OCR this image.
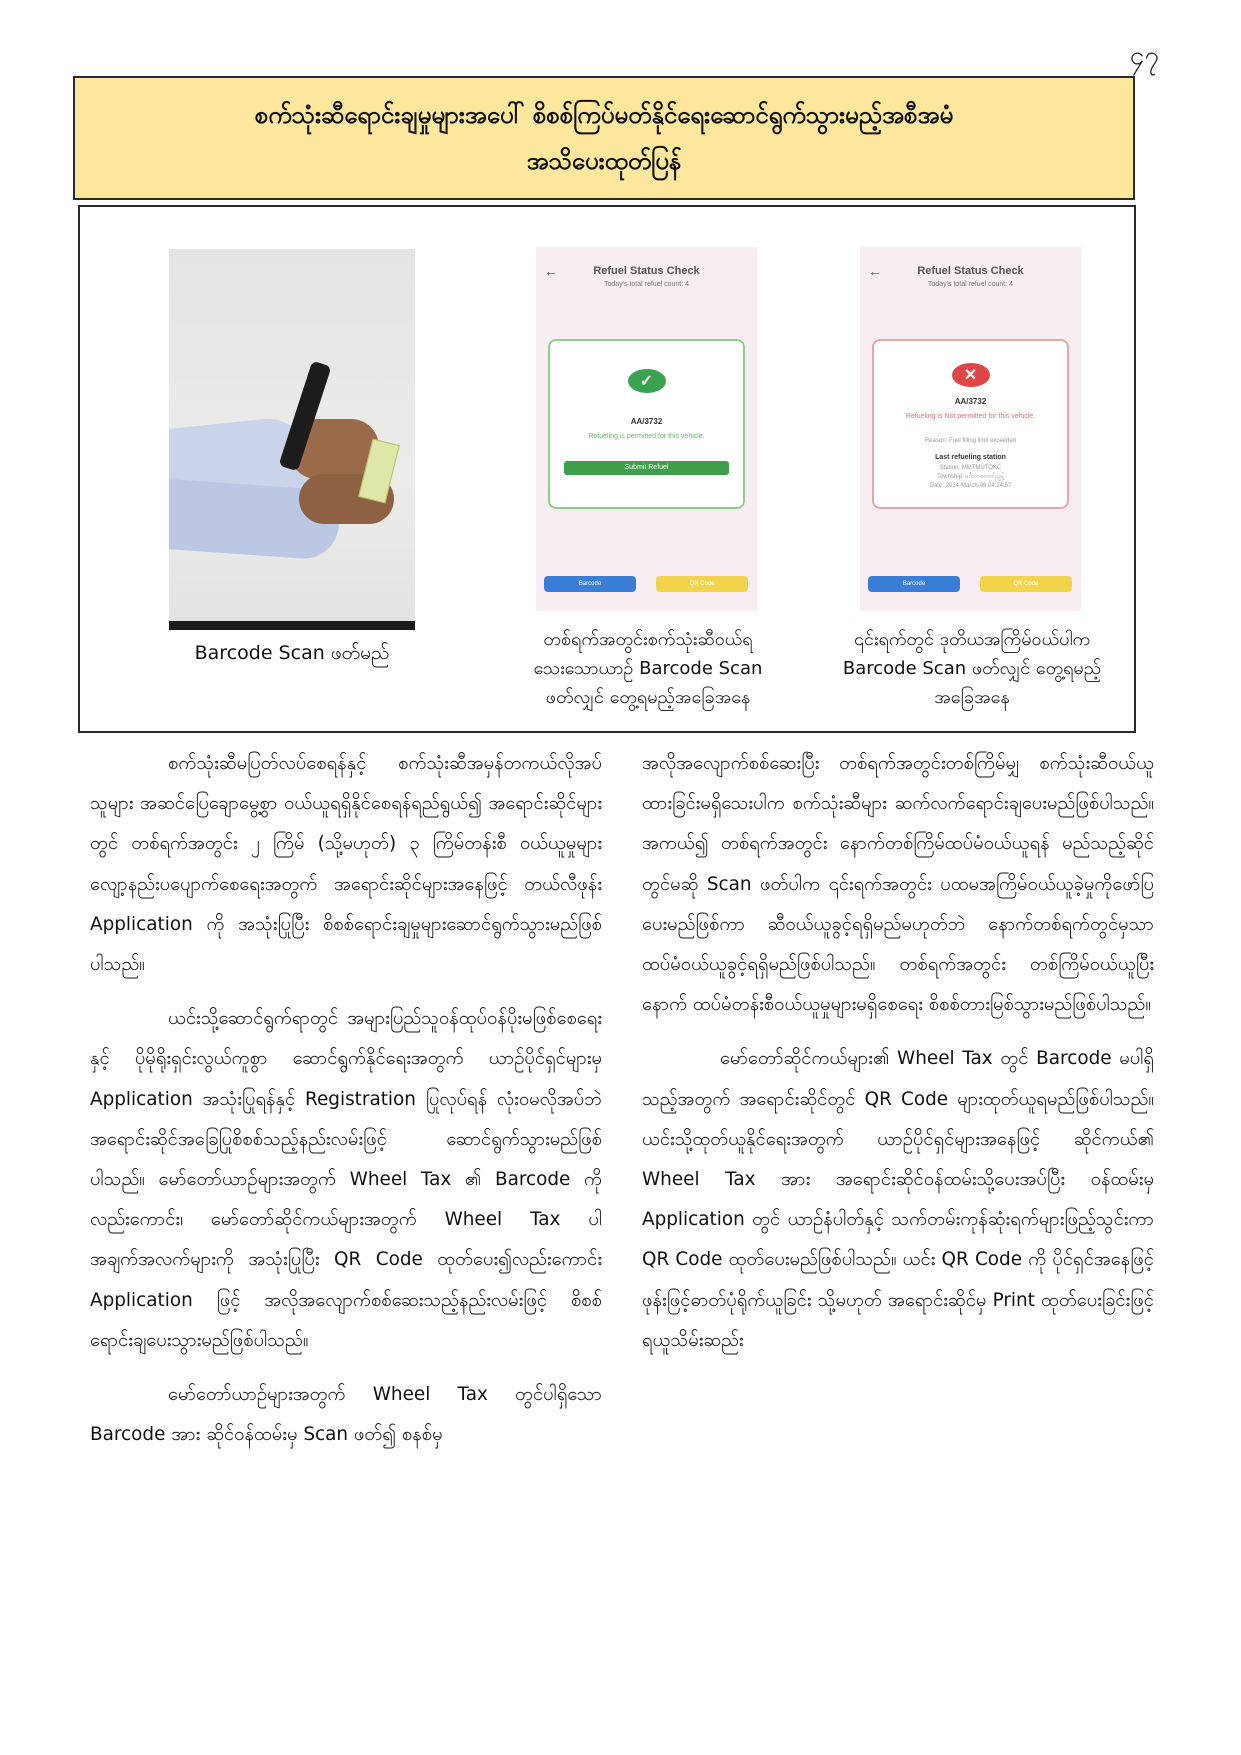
၄၇
စက်သုံးဆီရောင်းချမှုများအပေါ် စိစစ်ကြပ်မတ်နိုင်ရေးဆောင်ရွက်သွားမည့်အစီအမံ
အသိပေးထုတ်ပြန်
Barcode Scan ဖတ်မည်
←	Refuel Status Check
Today's total refuel count: 4
✓
AA/3732
Refueling is permitted for this vehicle.
Submit Refuel
Barcode	QR Code
တစ်ရက်အတွင်းစက်သုံးဆီဝယ်ရ
သေးသောယာဉ် Barcode Scan
ဖတ်လျှင် တွေ့ရမည့်အခြေအနေ
←	Refuel Status Check
Today's total refuel count: 4
✕
AA/3732
Refueling is Not permitted for this vehicle.
Reason: Fuel filling limit exceeded
Last refueling station
Station: MMTMUTOKC
Township: မင်္ဂလာတောင်ညွန့်
Date: 2024-March-08 04:24:57
Barcode	QR Code
၎င်းရက်တွင် ဒုတိယအကြိမ်ဝယ်ပါက
Barcode Scan ဖတ်လျှင် တွေ့ရမည့်
အခြေအနေ

စက်သုံးဆီမပြတ်လပ်စေရန်နှင့် စက်သုံးဆီအမှန်တကယ်လိုအပ်သူများ အဆင်ပြေချောမွေ့စွာ ဝယ်ယူရရှိနိုင်စေရန်ရည်ရွယ်၍ အရောင်းဆိုင်များတွင် တစ်ရက်အတွင်း ၂ ကြိမ် (သို့မဟုတ်) ၃ ကြိမ်တန်းစီ ဝယ်ယူမှုများလျော့နည်းပပျောက်စေရေးအတွက် အရောင်းဆိုင်များအနေဖြင့် တယ်လီဖုန်း Application ကို အသုံးပြုပြီး စိစစ်ရောင်းချမှုများဆောင်ရွက်သွားမည်ဖြစ်ပါသည်။

ယင်းသို့ဆောင်ရွက်ရာတွင် အများပြည်သူဝန်ထုပ်ဝန်ပိုးမဖြစ်စေရေးနှင့် ပိုမိုရိုးရှင်းလွယ်ကူစွာ ဆောင်ရွက်နိုင်ရေးအတွက် ယာဉ်ပိုင်ရှင်များမှ Application အသုံးပြုရန်နှင့် Registration ပြုလုပ်ရန် လုံးဝမလိုအပ်ဘဲ အရောင်းဆိုင်အခြေပြုစိစစ်သည့်နည်းလမ်းဖြင့် ဆောင်ရွက်သွားမည်ဖြစ်ပါသည်။ မော်တော်ယာဉ်များအတွက် Wheel Tax ၏ Barcode ကိုလည်းကောင်း၊ မော်တော်ဆိုင်ကယ်များအတွက် Wheel Tax ပါအချက်အလက်များကို အသုံးပြုပြီး QR Code ထုတ်ပေး၍လည်းကောင်း Application ဖြင့် အလိုအလျောက်စစ်ဆေးသည့်နည်းလမ်းဖြင့် စိစစ်ရောင်းချပေးသွားမည်ဖြစ်ပါသည်။

မော်တော်ယာဉ်များအတွက် Wheel Tax တွင်ပါရှိသော Barcode အား ဆိုင်ဝန်ထမ်းမှ Scan ဖတ်၍ စနစ်မှ

အလိုအလျောက်စစ်ဆေးပြီး တစ်ရက်အတွင်းတစ်ကြိမ်မျှ စက်သုံးဆီဝယ်ယူထားခြင်းမရှိသေးပါက စက်သုံးဆီများ ဆက်လက်ရောင်းချပေးမည်ဖြစ်ပါသည်။ အကယ်၍ တစ်ရက်အတွင်း နောက်တစ်ကြိမ်ထပ်မံဝယ်ယူရန် မည်သည့်ဆိုင်တွင်မဆို Scan ဖတ်ပါက ၎င်းရက်အတွင်း ပထမအကြိမ်ဝယ်ယူခဲ့မှုကိုဖော်ပြပေးမည်ဖြစ်ကာ ဆီဝယ်ယူခွင့်ရရှိမည်မဟုတ်ဘဲ နောက်တစ်ရက်တွင်မှသာ ထပ်မံဝယ်ယူခွင့်ရရှိမည်ဖြစ်ပါသည်။ တစ်ရက်အတွင်း တစ်ကြိမ်ဝယ်ယူပြီးနောက် ထပ်မံတန်းစီဝယ်ယူမှုများမရှိစေရေး စိစစ်တားမြစ်သွားမည်ဖြစ်ပါသည်။

မော်တော်ဆိုင်ကယ်များ၏ Wheel Tax တွင် Barcode မပါရှိသည့်အတွက် အရောင်းဆိုင်တွင် QR Code များထုတ်ယူရမည်ဖြစ်ပါသည်။ ယင်းသို့ထုတ်ယူနိုင်ရေးအတွက် ယာဉ်ပိုင်ရှင်များအနေဖြင့် ဆိုင်ကယ်၏ Wheel Tax အား အရောင်းဆိုင်ဝန်ထမ်းသို့ပေးအပ်ပြီး ဝန်ထမ်းမှ Application တွင် ယာဉ်နံပါတ်နှင့် သက်တမ်းကုန်ဆုံးရက်များဖြည့်သွင်းကာ QR Code ထုတ်ပေးမည်ဖြစ်ပါသည်။ ယင်း QR Code ကို ပိုင်ရှင်အနေဖြင့် ဖုန်းဖြင့်ဓာတ်ပုံရိုက်ယူခြင်း သို့မဟုတ် အရောင်းဆိုင်မှ Print ထုတ်ပေးခြင်းဖြင့် ရယူသိမ်းဆည်း
